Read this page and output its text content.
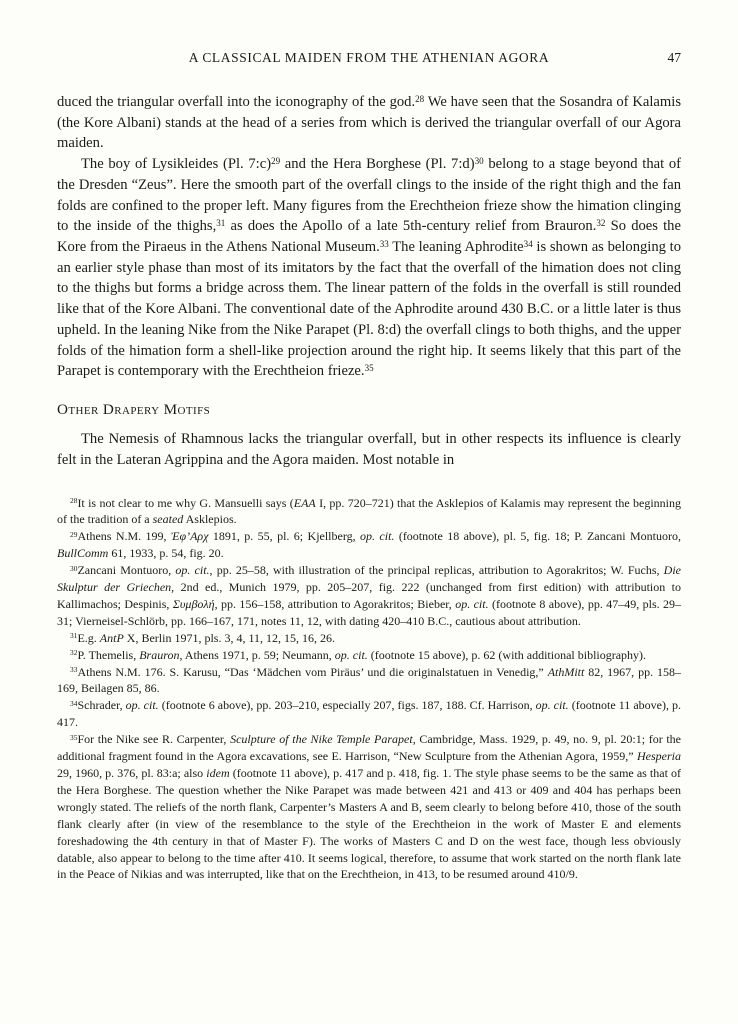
A CLASSICAL MAIDEN FROM THE ATHENIAN AGORA	47

duced the triangular overfall into the iconography of the god.$^{28}$ We have seen that the Sosandra of Kalamis (the Kore Albani) stands at the head of a series from which is derived the triangular overfall of our Agora maiden.

The boy of Lysikleides (Pl. 7:c)$^{29}$ and the Hera Borghese (Pl. 7:d)$^{30}$ belong to a stage beyond that of the Dresden “Zeus”. Here the smooth part of the overfall clings to the inside of the right thigh and the fan folds are confined to the proper left. Many figures from the Erechtheion frieze show the himation clinging to the inside of the thighs,$^{31}$ as does the Apollo of a late 5th-century relief from Brauron.$^{32}$ So does the Kore from the Piraeus in the Athens National Museum.$^{33}$ The leaning Aphrodite$^{34}$ is shown as belonging to an earlier style phase than most of its imitators by the fact that the overfall of the himation does not cling to the thighs but forms a bridge across them. The linear pattern of the folds in the overfall is still rounded like that of the Kore Albani. The conventional date of the Aphrodite around 430 B.C. or a little later is thus upheld. In the leaning Nike from the Nike Parapet (Pl. 8:d) the overfall clings to both thighs, and the upper folds of the himation form a shell-like projection around the right hip. It seems likely that this part of the Parapet is contemporary with the Erechtheion frieze.$^{35}$

Other Drapery Motifs

The Nemesis of Rhamnous lacks the triangular overfall, but in other respects its influence is clearly felt in the Lateran Agrippina and the Agora maiden. Most notable in

$^{28}$It is not clear to me why G. Mansuelli says (EAA I, pp. 720–721) that the Asklepios of Kalamis may represent the beginning of the tradition of a seated Asklepios.

$^{29}$Athens N.M. 199, Ἐφ’Αρχ 1891, p. 55, pl. 6; Kjellberg, op. cit. (footnote 18 above), pl. 5, fig. 18; P. Zancani Montuoro, BullComm 61, 1933, p. 54, fig. 20.

$^{30}$Zancani Montuoro, op. cit., pp. 25–58, with illustration of the principal replicas, attribution to Agorakritos; W. Fuchs, Die Skulptur der Griechen, 2nd ed., Munich 1979, pp. 205–207, fig. 222 (unchanged from first edition) with attribution to Kallimachos; Despinis, Συμβολή, pp. 156–158, attribution to Agorakritos; Bieber, op. cit. (footnote 8 above), pp. 47–49, pls. 29–31; Vierneisel-Schlörb, pp. 166–167, 171, notes 11, 12, with dating 420–410 B.C., cautious about attribution.

$^{31}$E.g. AntP X, Berlin 1971, pls. 3, 4, 11, 12, 15, 16, 26.

$^{32}$P. Themelis, Brauron, Athens 1971, p. 59; Neumann, op. cit. (footnote 15 above), p. 62 (with additional bibliography).

$^{33}$Athens N.M. 176. S. Karusu, “Das ‘Mädchen vom Piräus’ und die originalstatuen in Venedig,” AthMitt 82, 1967, pp. 158–169, Beilagen 85, 86.

$^{34}$Schrader, op. cit. (footnote 6 above), pp. 203–210, especially 207, figs. 187, 188. Cf. Harrison, op. cit. (footnote 11 above), p. 417.

$^{35}$For the Nike see R. Carpenter, Sculpture of the Nike Temple Parapet, Cambridge, Mass. 1929, p. 49, no. 9, pl. 20:1; for the additional fragment found in the Agora excavations, see E. Harrison, “New Sculpture from the Athenian Agora, 1959,” Hesperia 29, 1960, p. 376, pl. 83:a; also idem (footnote 11 above), p. 417 and p. 418, fig. 1. The style phase seems to be the same as that of the Hera Borghese. The question whether the Nike Parapet was made between 421 and 413 or 409 and 404 has perhaps been wrongly stated. The reliefs of the north flank, Carpenter’s Masters A and B, seem clearly to belong before 410, those of the south flank clearly after (in view of the resemblance to the style of the Erechtheion in the work of Master E and elements foreshadowing the 4th century in that of Master F). The works of Masters C and D on the west face, though less obviously datable, also appear to belong to the time after 410. It seems logical, therefore, to assume that work started on the north flank late in the Peace of Nikias and was interrupted, like that on the Erechtheion, in 413, to be resumed around 410/9.
